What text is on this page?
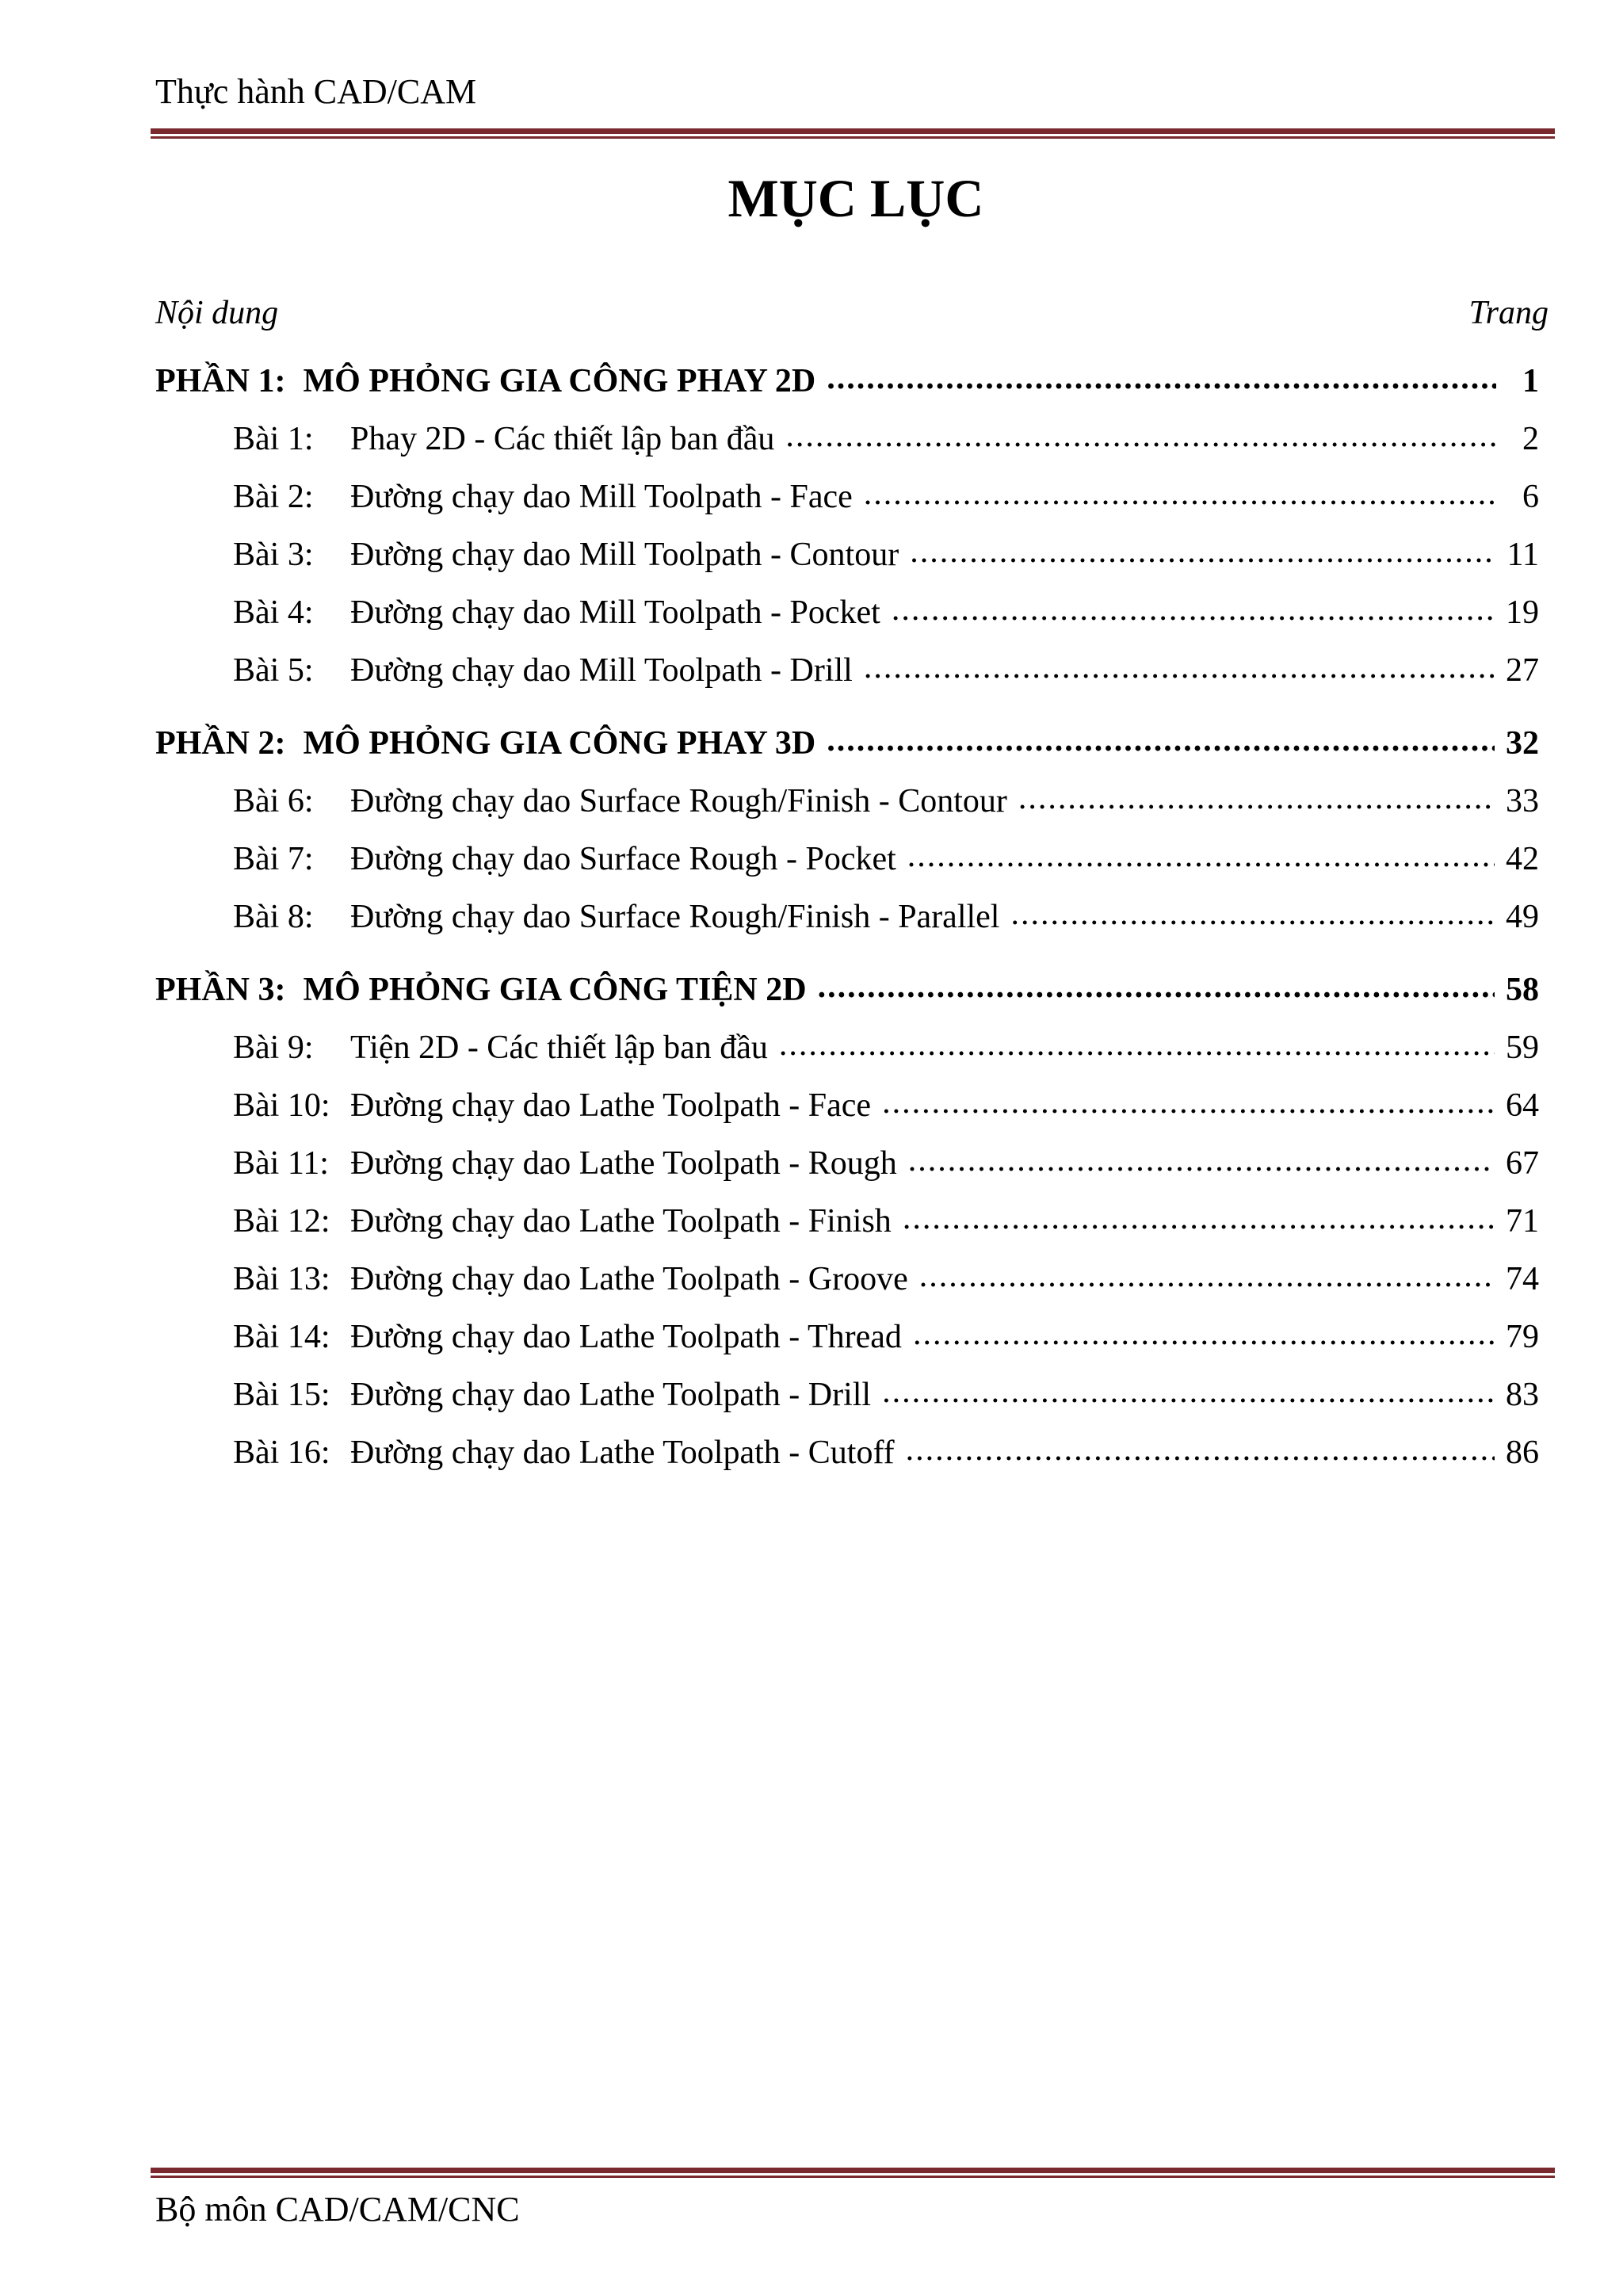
Thực hành CAD/CAM
MỤC LỤC
Nội dung	Trang
PHẦN 1: MÔ PHỎNG GIA CÔNG PHAY 2D .....	1
Bài 1:	Phay 2D - Các thiết lập ban đầu .....	2
Bài 2:	Đường chạy dao Mill Toolpath - Face .....	6
Bài 3:	Đường chạy dao Mill Toolpath - Contour .....	11
Bài 4:	Đường chạy dao Mill Toolpath - Pocket .....	19
Bài 5:	Đường chạy dao Mill Toolpath - Drill .....	27
PHẦN 2: MÔ PHỎNG GIA CÔNG PHAY 3D .....	32
Bài 6:	Đường chạy dao Surface Rough/Finish - Contour .....	33
Bài 7:	Đường chạy dao Surface Rough - Pocket .....	42
Bài 8:	Đường chạy dao Surface Rough/Finish - Parallel .....	49
PHẦN 3: MÔ PHỎNG GIA CÔNG TIỆN 2D .....	58
Bài 9:	Tiện 2D - Các thiết lập ban đầu .....	59
Bài 10: Đường chạy dao Lathe Toolpath - Face .....	64
Bài 11: Đường chạy dao Lathe Toolpath - Rough .....	67
Bài 12: Đường chạy dao Lathe Toolpath - Finish .....	71
Bài 13: Đường chạy dao Lathe Toolpath - Groove .....	74
Bài 14: Đường chạy dao Lathe Toolpath - Thread .....	79
Bài 15: Đường chạy dao Lathe Toolpath - Drill .....	83
Bài 16: Đường chạy dao Lathe Toolpath - Cutoff .....	86
Bộ môn CAD/CAM/CNC
